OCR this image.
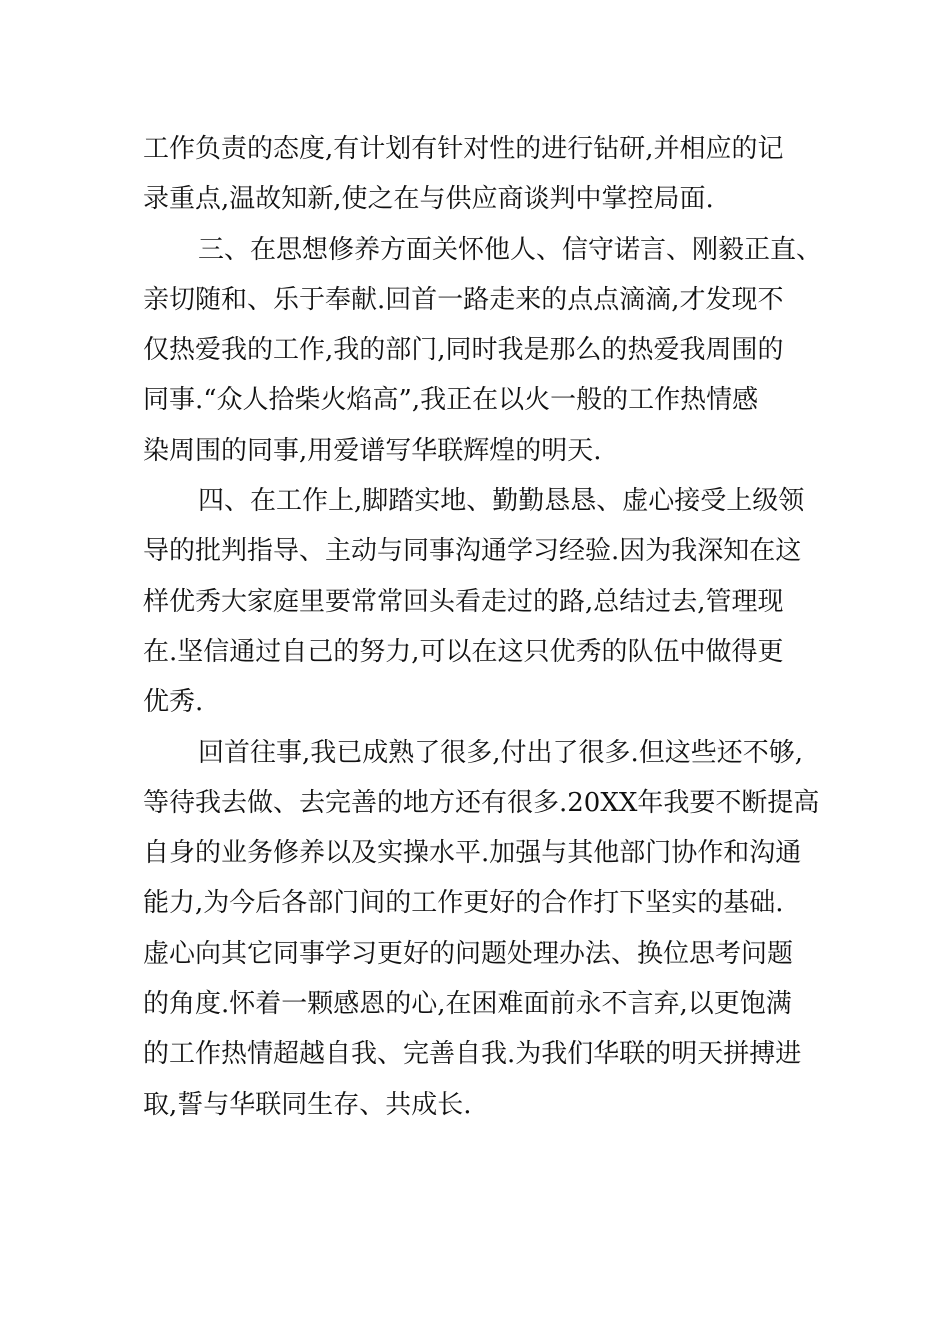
工作负责的态度,有计划有针对性的进行钻研,并相应的记
录重点,温故知新,使之在与供应商谈判中掌控局面.
三、在思想修养方面关怀他人、信守诺言、刚毅正直、
亲切随和、乐于奉献.回首一路走来的点点滴滴,才发现不
仅热爱我的工作,我的部门,同时我是那么的热爱我周围的
同事.“众人拾柴火焰高”,我正在以火一般的工作热情感
染周围的同事,用爱谱写华联辉煌的明天.
四、在工作上,脚踏实地、勤勤恳恳、虚心接受上级领
导的批判指导、主动与同事沟通学习经验.因为我深知在这
样优秀大家庭里要常常回头看走过的路,总结过去,管理现
在.坚信通过自己的努力,可以在这只优秀的队伍中做得更
优秀.
回首往事,我已成熟了很多,付出了很多.但这些还不够,
等待我去做、去完善的地方还有很多.20XX年我要不断提高
自身的业务修养以及实操水平.加强与其他部门协作和沟通
能力,为今后各部门间的工作更好的合作打下坚实的基础.
虚心向其它同事学习更好的问题处理办法、换位思考问题
的角度.怀着一颗感恩的心,在困难面前永不言弃,以更饱满
的工作热情超越自我、完善自我.为我们华联的明天拼搏进
取,誓与华联同生存、共成长.
